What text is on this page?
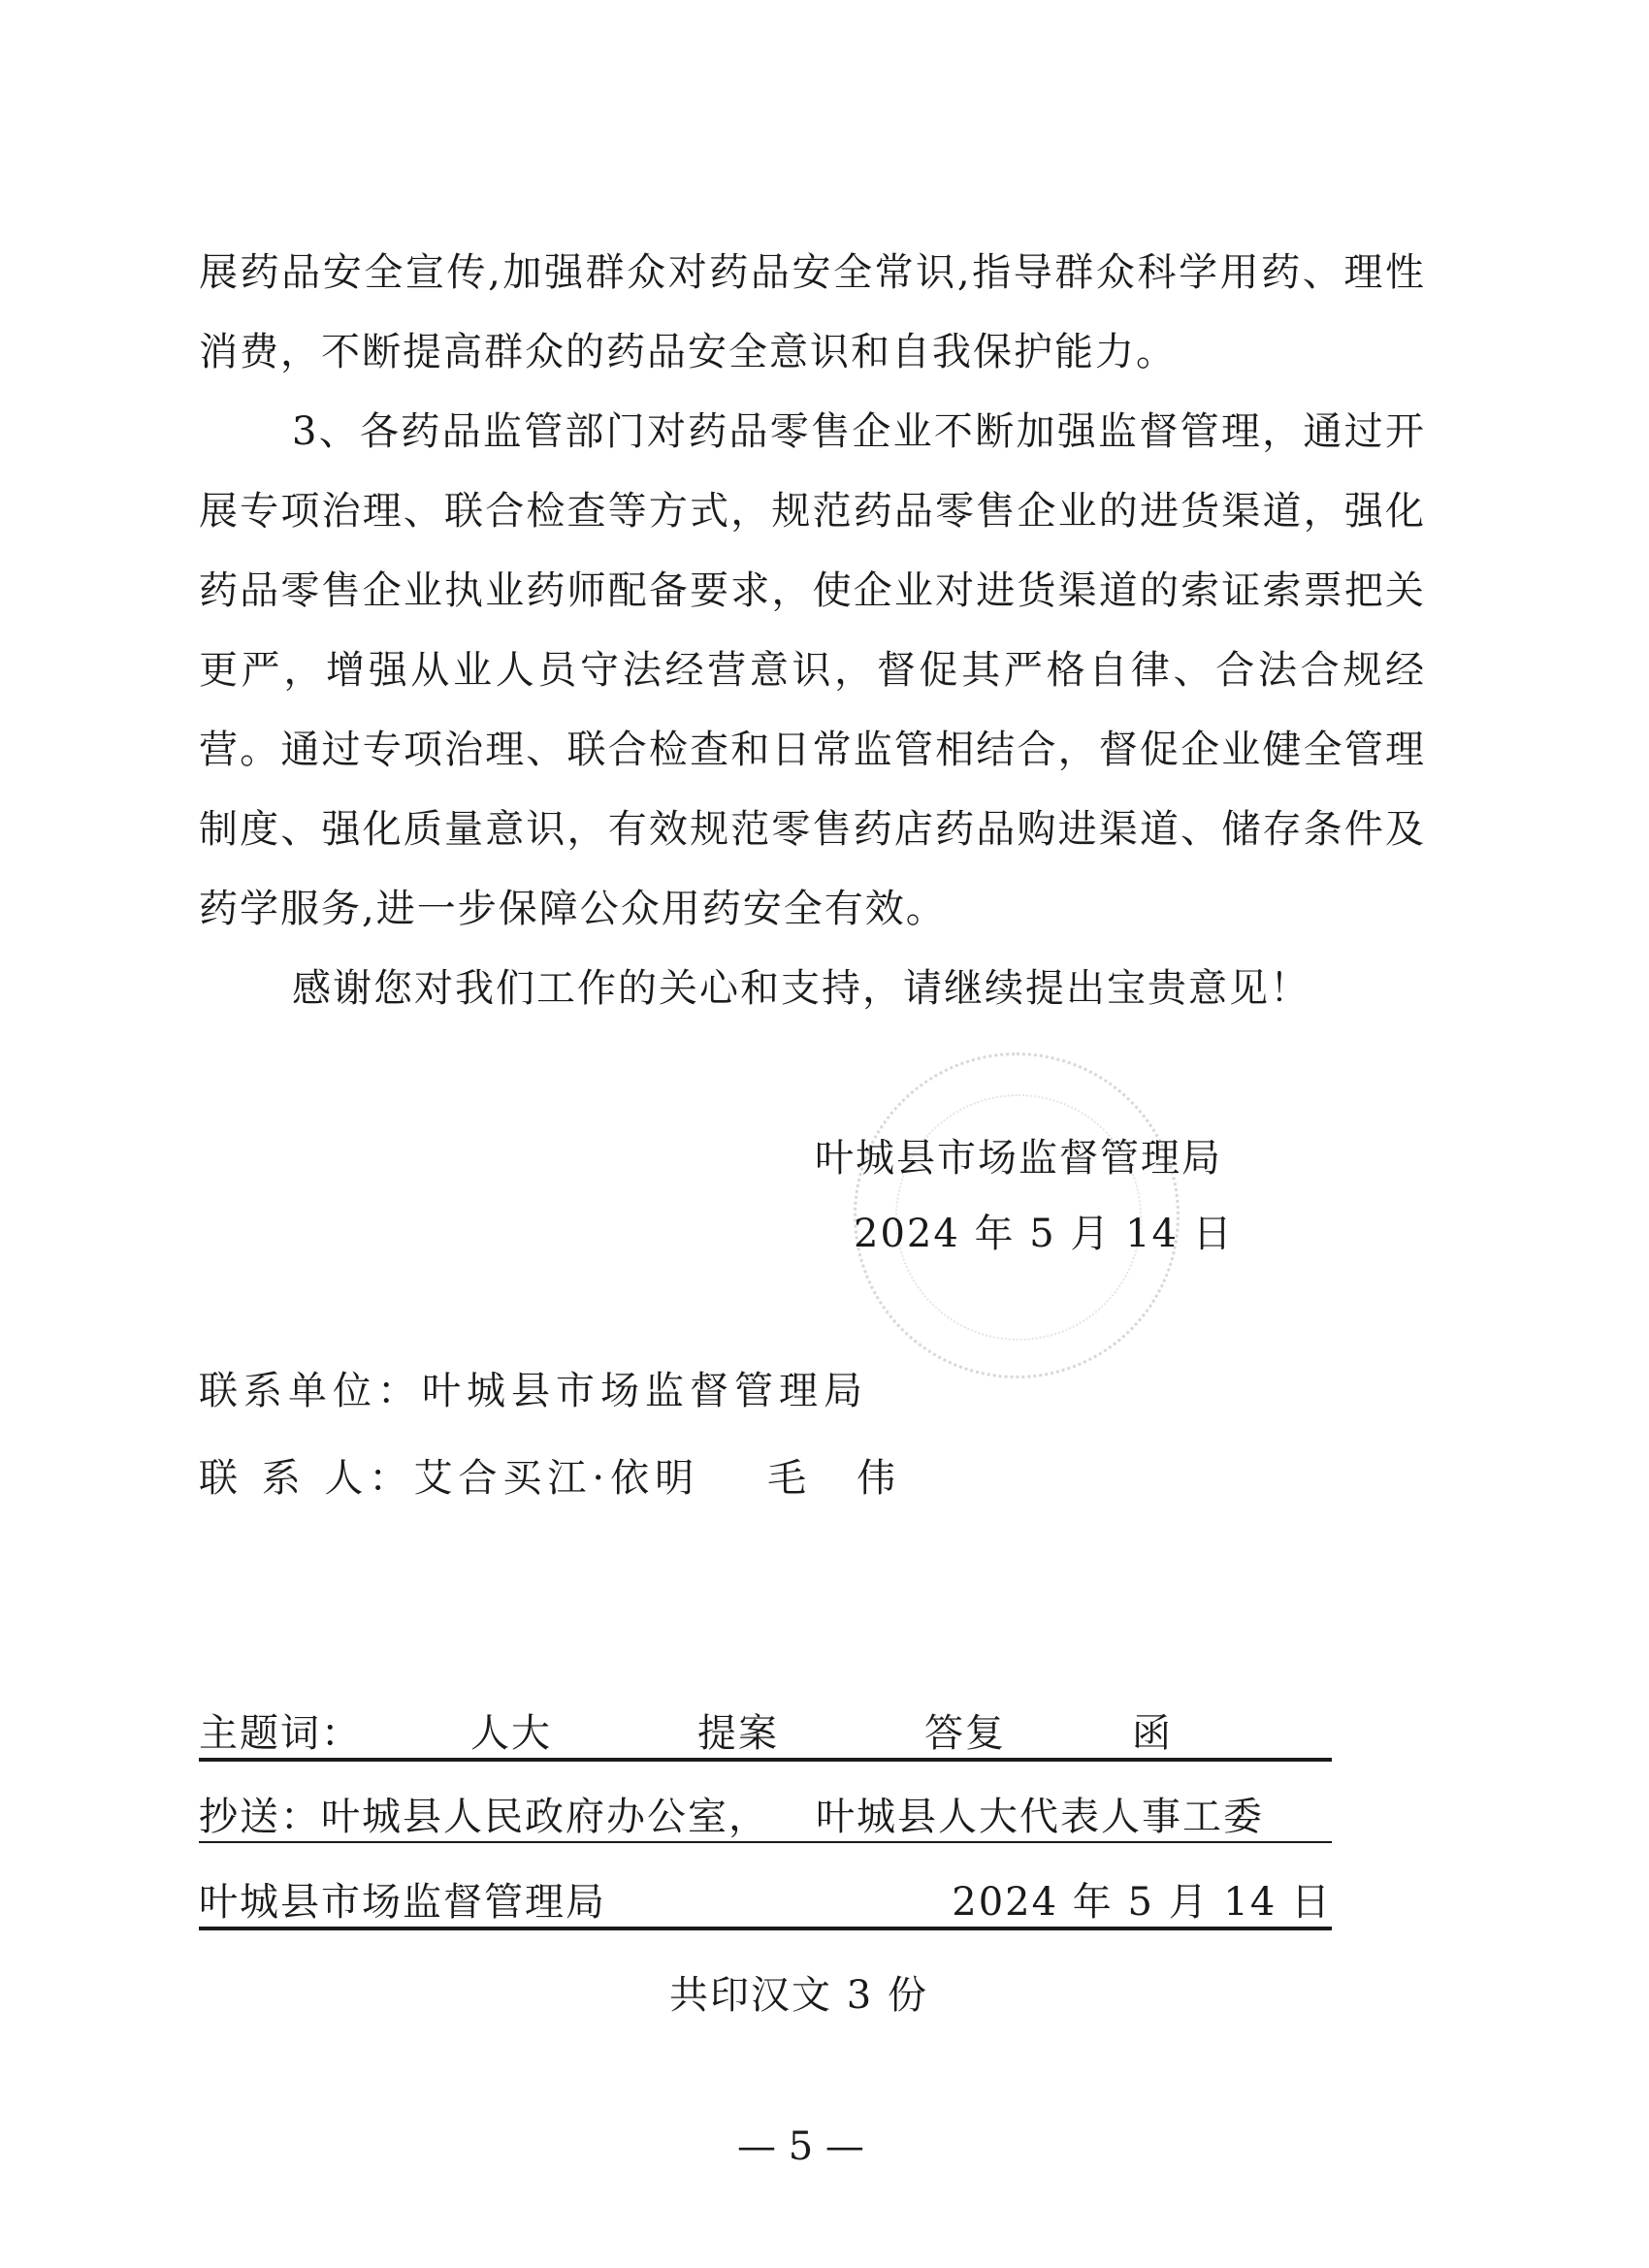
展药品安全宣传,加强群众对药品安全常识,指导群众科学用药、理性消费，不断提高群众的药品安全意识和自我保护能力。

3、各药品监管部门对药品零售企业不断加强监督管理，通过开展专项治理、联合检查等方式，规范药品零售企业的进货渠道，强化药品零售企业执业药师配备要求，使企业对进货渠道的索证索票把关更严，增强从业人员守法经营意识，督促其严格自律、合法合规经营。通过专项治理、联合检查和日常监管相结合，督促企业健全管理制度、强化质量意识，有效规范零售药店药品购进渠道、储存条件及药学服务,进一步保障公众用药安全有效。

感谢您对我们工作的关心和支持，请继续提出宝贵意见！

叶城县市场监督管理局
2024 年 5 月 14 日
联系单位：叶城县市场监督管理局
联 系 人：艾合买江·依明 毛　伟
主题词：	人大	提案	答复	函
抄送： 叶城县人民政府办公室， 叶城县人大代表人事工委
叶城县市场监督管理局	2024 年 5 月 14 日
共印汉文 3 份
— 5 —
